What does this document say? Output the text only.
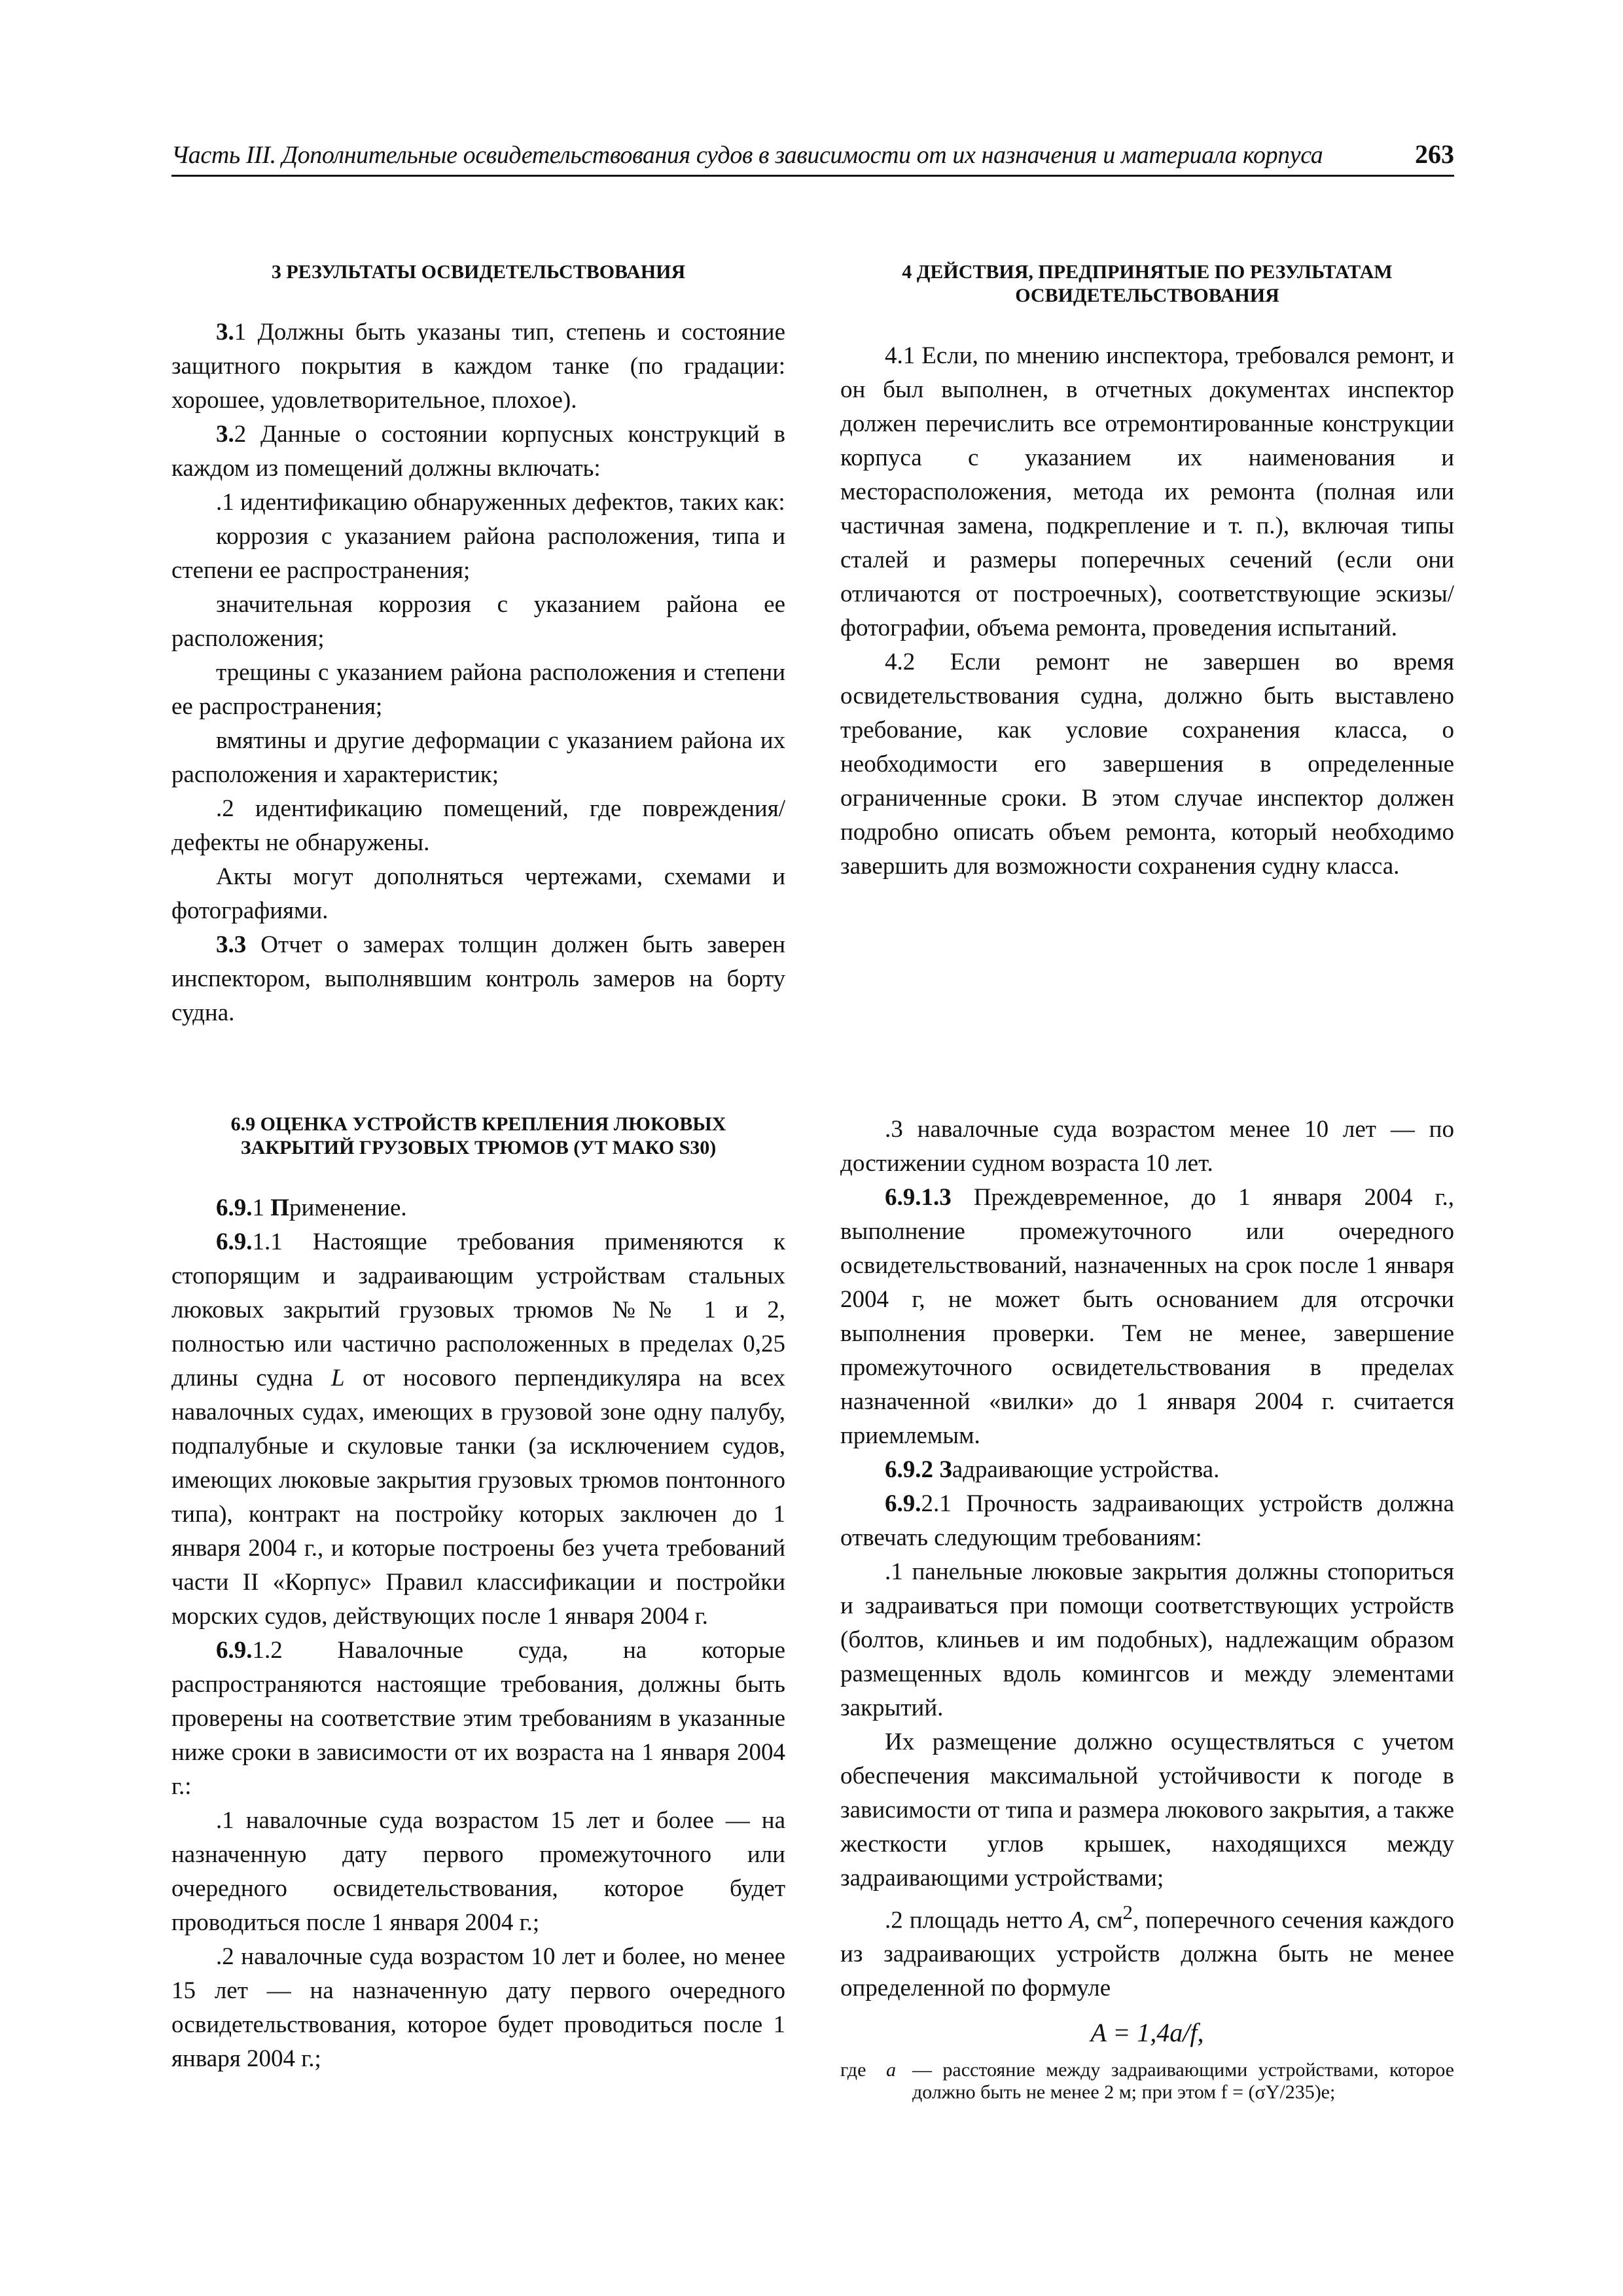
Часть III. Дополнительные освидетельствования судов в зависимости от их назначения и материала корпуса	263
3 РЕЗУЛЬТАТЫ ОСВИДЕТЕЛЬСТВОВАНИЯ

3.1 Должны быть указаны тип, степень и состояние защитного покрытия в каждом танке (по градации: хорошее, удовлетворительное, плохое).

3.2 Данные о состоянии корпусных конструкций в каждом из помещений должны включать:

.1 идентификацию обнаруженных дефектов, таких как:

коррозия с указанием района расположения, типа и степени ее распространения;

значительная коррозия с указанием района ее расположения;

трещины с указанием района расположения и степени ее распространения;

вмятины и другие деформации с указанием района их расположения и характеристик;

.2 идентификацию помещений, где повреждения/дефекты не обнаружены.

Акты могут дополняться чертежами, схемами и фотографиями.

3.3 Отчет о замерах толщин должен быть заверен инспектором, выполнявшим контроль замеров на борту судна.

4 ДЕЙСТВИЯ, ПРЕДПРИНЯТЫЕ ПО РЕЗУЛЬТАТАМ ОСВИДЕТЕЛЬСТВОВАНИЯ

4.1 Если, по мнению инспектора, требовался ремонт, и он был выполнен, в отчетных документах инспектор должен перечислить все отремонтированные конструкции корпуса с указанием их наименования и месторасположения, метода их ремонта (полная или частичная замена, подкрепление и т. п.), включая типы сталей и размеры поперечных сечений (если они отличаются от построечных), соответствующие эскизы/фотографии, объема ремонта, проведения испытаний.

4.2 Если ремонт не завершен во время освидетельствования судна, должно быть выставлено требование, как условие сохранения класса, о необходимости его завершения в определенные ограниченные сроки. В этом случае инспектор должен подробно описать объем ремонта, который необходимо завершить для возможности сохранения судну класса.

6.9 ОЦЕНКА УСТРОЙСТВ КРЕПЛЕНИЯ ЛЮКОВЫХ ЗАКРЫТИЙ ГРУЗОВЫХ ТРЮМОВ (УТ МАКО S30)

6.9.1 Применение.

6.9.1.1 Настоящие требования применяются к стопорящим и задраивающим устройствам стальных люковых закрытий грузовых трюмов №№ 1 и 2, полностью или частично расположенных в пределах 0,25 длины судна L от носового перпендикуляра на всех навалочных судах, имеющих в грузовой зоне одну палубу, подпалубные и скуловые танки (за исключением судов, имеющих люковые закрытия грузовых трюмов понтонного типа), контракт на постройку которых заключен до 1 января 2004 г., и которые построены без учета требований части II «Корпус» Правил классификации и постройки морских судов, действующих после 1 января 2004 г.

6.9.1.2 Навалочные суда, на которые распространяются настоящие требования, должны быть проверены на соответствие этим требованиям в указанные ниже сроки в зависимости от их возраста на 1 января 2004 г.:

.1 навалочные суда возрастом 15 лет и более — на назначенную дату первого промежуточного или очередного освидетельствования, которое будет проводиться после 1 января 2004 г.;

.2 навалочные суда возрастом 10 лет и более, но менее 15 лет — на назначенную дату первого очередного освидетельствования, которое будет проводиться после 1 января 2004 г.;

.3 навалочные суда возрастом менее 10 лет — по достижении судном возраста 10 лет.

6.9.1.3 Преждевременное, до 1 января 2004 г., выполнение промежуточного или очередного освидетельствований, назначенных на срок после 1 января 2004 г, не может быть основанием для отсрочки выполнения проверки. Тем не менее, завершение промежуточного освидетельствования в пределах назначенной «вилки» до 1 января 2004 г. считается приемлемым.

6.9.2 Задраивающие устройства.

6.9.2.1 Прочность задраивающих устройств должна отвечать следующим требованиям:

.1 панельные люковые закрытия должны стопориться и задраиваться при помощи соответствующих устройств (болтов, клиньев и им подобных), надлежащим образом размещенных вдоль комингсов и между элементами закрытий.

Их размещение должно осуществляться с учетом обеспечения максимальной устойчивости к погоде в зависимости от типа и размера люкового закрытия, а также жесткости углов крышек, находящихся между задраивающими устройствами;

.2 площадь нетто A, $см^2$, поперечного сечения каждого из задраивающих устройств должна быть не менее определенной по формуле

A = 1,4a/f,
где	a — расстояние между задраивающими устройствами, которое должно быть не менее 2 м; при этом f = (σY/235)e;
